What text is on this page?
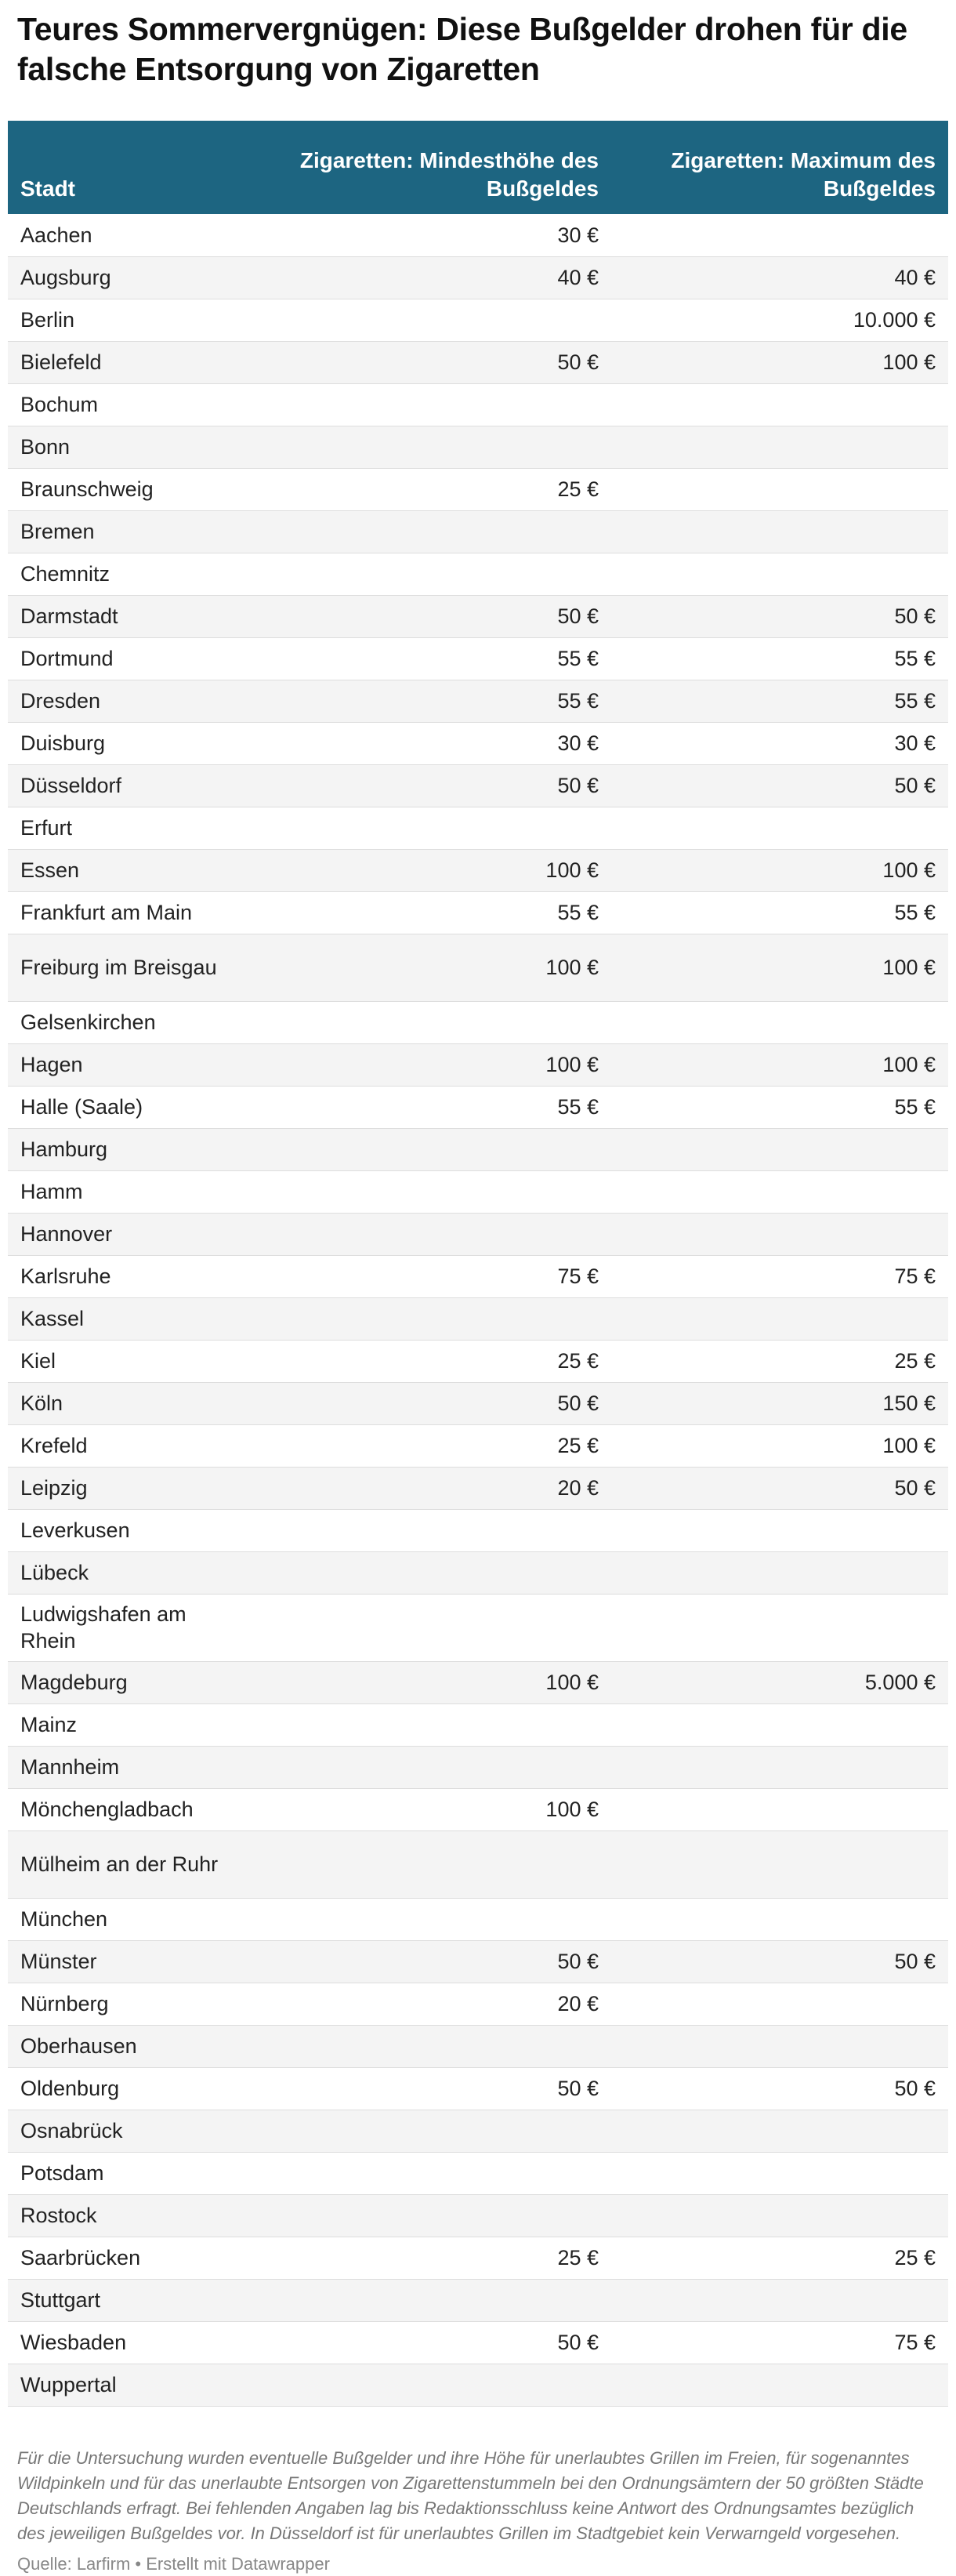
Teures Sommervergnügen: Diese Bußgelder drohen für die falsche Entsorgung von Zigaretten
Stadt	Zigaretten: Mindesthöhe des Bußgeldes	Zigaretten: Maximum des Bußgeldes
Aachen	30 €	
Augsburg	40 €	40 €
Berlin		10.000 €
Bielefeld	50 €	100 €
Bochum		
Bonn		
Braunschweig	25 €	
Bremen		
Chemnitz		
Darmstadt	50 €	50 €
Dortmund	55 €	55 €
Dresden	55 €	55 €
Duisburg	30 €	30 €
Düsseldorf	50 €	50 €
Erfurt		
Essen	100 €	100 €
Frankfurt am Main	55 €	55 €
Freiburg im Breisgau	100 €	100 €
Gelsenkirchen		
Hagen	100 €	100 €
Halle (Saale)	55 €	55 €
Hamburg		
Hamm		
Hannover		
Karlsruhe	75 €	75 €
Kassel		
Kiel	25 €	25 €
Köln	50 €	150 €
Krefeld	25 €	100 €
Leipzig	20 €	50 €
Leverkusen		
Lübeck		
Ludwigshafen am Rhein		
Magdeburg	100 €	5.000 €
Mainz		
Mannheim		
Mönchengladbach	100 €	
Mülheim an der Ruhr		
München		
Münster	50 €	50 €
Nürnberg	20 €	
Oberhausen		
Oldenburg	50 €	50 €
Osnabrück		
Potsdam		
Rostock		
Saarbrücken	25 €	25 €
Stuttgart		
Wiesbaden	50 €	75 €
Wuppertal		
Für die Untersuchung wurden eventuelle Bußgelder und ihre Höhe für unerlaubtes Grillen im Freien, für sogenanntes Wildpinkeln und für das unerlaubte Entsorgen von Zigarettenstummeln bei den Ordnungsämtern der 50 größten Städte Deutschlands erfragt. Bei fehlenden Angaben lag bis Redaktionsschluss keine Antwort des Ordnungsamtes bezüglich des jeweiligen Bußgeldes vor. In Düsseldorf ist für unerlaubtes Grillen im Stadtgebiet kein Verwarngeld vorgesehen.
Quelle: Larfirm • Erstellt mit Datawrapper
